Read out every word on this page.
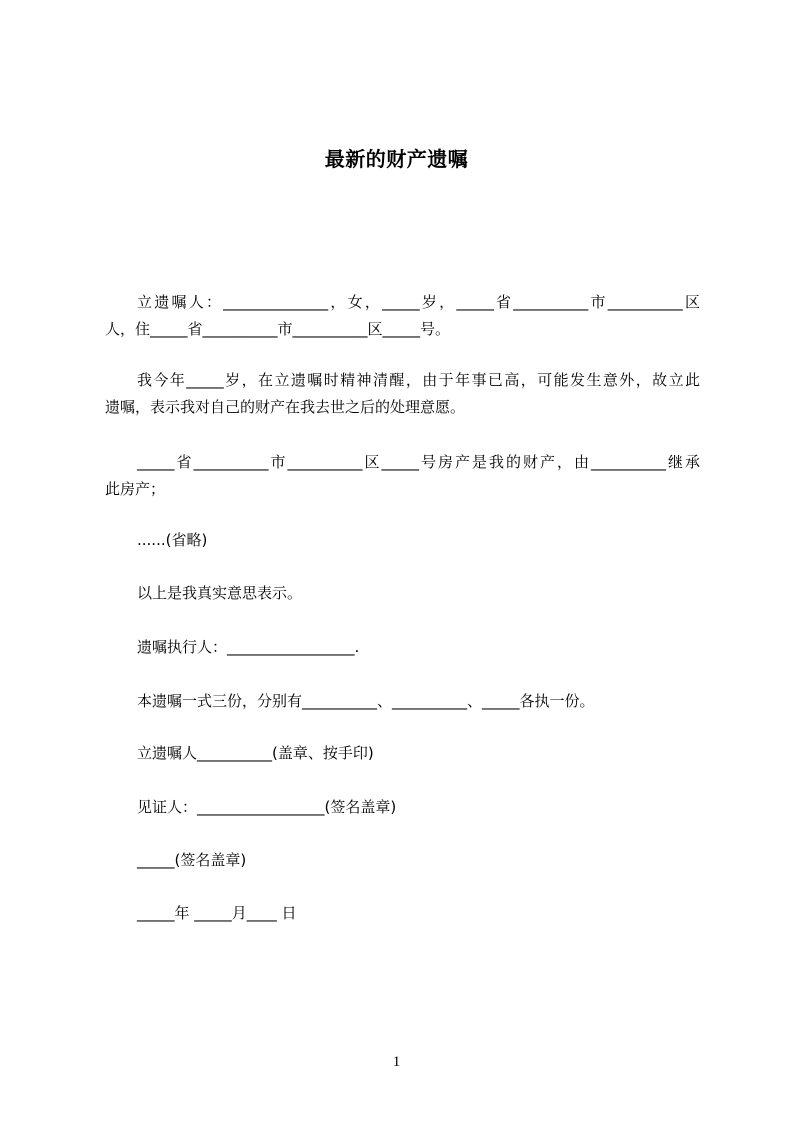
最新的财产遗嘱
立遗嘱人：______________，女，_____岁，_____省__________市__________区
人，住_____省__________市__________区_____号。
我今年_____岁，在立遗嘱时精神清醒，由于年事已高，可能发生意外，故立此
遗嘱，表示我对自己的财产在我去世之后的处理意愿。
_____省__________市__________区_____号房产是我的财产，由__________继承
此房产；
......(省略)
以上是我真实意思表示。
遗嘱执行人：_________________.
本遗嘱一式三份，分别有__________、__________、_____各执一份。
立遗嘱人__________(盖章、按手印)
见证人：_________________(签名盖章)
_____(签名盖章)
_____年 _____月____ 日
1
